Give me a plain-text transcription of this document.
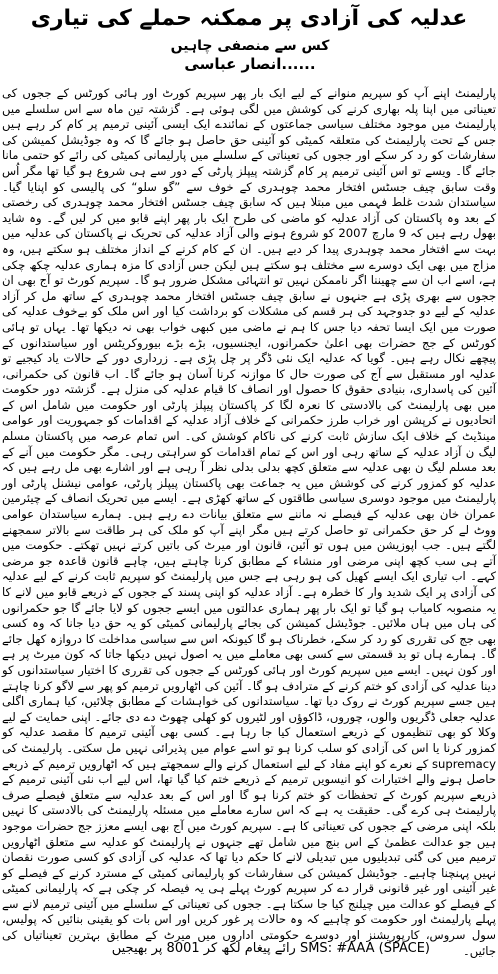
عدلیہ کی آزادی پر ممکنہ حملے کی تیاری
کس سے منصفی چاہیں
......انصار عباسی

پارلیمنٹ اپنے آپ کو سپریم منوانے کے لیے ایک بار پھر سپریم کورٹ اور ہائی کورٹس کے ججوں کی تعیناتی میں اپنا پلہ بھاری کرنے کی کوشش میں لگی ہوئی ہے۔ گزشتہ تین ماہ سے اس سلسلے میں پارلیمنٹ میں موجود مختلف سیاسی جماعتوں کے نمائندے ایک ایسی آئینی ترمیم پر کام کر رہے ہیں جس کے تحت پارلیمنٹ کی متعلقہ کمیٹی کو آئینی حق حاصل ہو جائے گا کہ وہ جوڈیشل کمیشن کی سفارشات کو رد کر سکے اور ججوں کی تعیناتی کے سلسلے میں پارلیمانی کمیٹی کی رائے کو حتمی مانا جائے گا۔ ویسے تو اس آئینی ترمیم پر کام گزشتہ پیپلز پارٹی کے دور سے ہی شروع ہو گیا تھا مگر اُس وقت سابق چیف جسٹس افتخار محمد چوہدری کے خوف سے ”گو سلو“ کی پالیسی کو اپنایا گیا۔ سیاستدان شدت غلط فہمی میں مبتلا ہیں کہ سابق چیف جسٹس افتخار محمد چوہدری کی رخصتی کے بعد وہ پاکستان کی آزاد عدلیہ کو ماضی کی طرح ایک بار پھر اپنے قابو میں کر لیں گے۔ وہ شاید بھول رہے ہیں کہ 9 مارچ 2007 کو شروع ہونے والی آزاد عدلیہ کی تحریک نے پاکستان کی عدلیہ میں بہت سے افتخار محمد چوہدری پیدا کر دیے ہیں۔ ان کے کام کرنے کے انداز مختلف ہو سکتے ہیں، وہ مزاج میں بھی ایک دوسرے سے مختلف ہو سکتے ہیں لیکن جس آزادی کا مزہ ہماری عدلیہ چکھ چکی ہے، اسے اب ان سے چھیننا اگر ناممکن نہیں تو انتہائی مشکل ضرور ہو گا۔ سپریم کورٹ تو آج بھی ان ججوں سے بھری پڑی ہے جنہوں نے سابق چیف جسٹس افتخار محمد چوہدری کے ساتھ مل کر آزاد عدلیہ کے لیے دو جدوجہد کی ہر قسم کی مشکلات کو برداشت کیا اور اس ملک کو بےخوف عدلیہ کی صورت میں ایک ایسا تحفہ دیا جس کا ہم نے ماضی میں کبھی خواب بھی نہ دیکھا تھا۔ یہاں تو ہائی کورٹس کے جج حضرات بھی اعلیٰ حکمرانوں، ایجنسیوں، بڑے بڑے بیوروکریٹس اور سیاستدانوں کے پیچھے نکال رہے ہیں۔ گویا کہ عدلیہ ایک نئی ڈگر پر چل پڑی ہے۔ زرداری دور کے حالات یاد کیجیے تو عدلیہ اور مستقبل سے آج کی صورت حال کا موازنہ کرنا آسان ہو جائے گا۔ اب قانون کی حکمرانی، آئین کی پاسداری، بنیادی حقوق کا حصول اور انصاف کا قیام عدلیہ کی منزل ہے۔ گزشتہ دور حکومت میں بھی پارلیمنٹ کی بالادستی کا نعرہ لگا کر پاکستان پیپلز پارٹی اور حکومت میں شامل اس کے اتحادیوں نے کرپشن اور خراب طرز حکمرانی کے خلاف آزاد عدلیہ کے اقدامات کو جمہوریت اور عوامی مینڈیٹ کے خلاف ایک سازش ثابت کرنے کی ناکام کوشش کی۔ اس تمام عرصہ میں پاکستان مسلم لیگ ن آزاد عدلیہ کے ساتھ رہی اور اس کے تمام اقدامات کو سراہتی رہی۔ مگر حکومت میں آنے کے بعد مسلم لیگ ن بھی عدلیہ سے متعلق کچھ بدلی بدلی نظر آ رہی ہے اور اشارے بھی مل رہے ہیں کہ عدلیہ کو کمزور کرنے کی کوشش میں یہ جماعت بھی پاکستان پیپلز پارٹی، عوامی نیشنل پارٹی اور پارلیمنٹ میں موجود دوسری سیاسی طاقتوں کے ساتھ کھڑی ہے۔ ایسے میں تحریک انصاف کے چیئرمین عمران خان بھی عدلیہ کے فیصلے نہ ماننے سے متعلق بیانات دے رہے ہیں۔ ہمارے سیاستدان عوامی ووٹ لے کر حق حکمرانی تو حاصل کرتے ہیں مگر اپنے آپ کو ملک کی ہر طاقت سے بالاتر سمجھنے لگتے ہیں۔ جب اپوزیشن میں ہوں تو آئین، قانون اور میرٹ کی باتیں کرتے نہیں تھکتے۔ حکومت میں آتے ہی سب کچھ اپنی مرضی اور منشاء کے مطابق کرنا چاہتے ہیں، چاہے قانون قاعدہ جو مرضی کہے۔ اب تیاری ایک ایسے کھیل کی ہو رہی ہے جس میں پارلیمنٹ کو سپریم ثابت کرنے کے لیے عدلیہ کی آزادی پر ایک شدید وار کا خطرہ ہے۔ آزاد عدلیہ کو اپنی پسند کے ججوں کے ذریعے قابو میں لانے کا یہ منصوبہ کامیاب ہو گیا تو ایک بار پھر ہماری عدالتوں میں ایسے ججوں کو لایا جائے گا جو حکمرانوں کی ہاں میں ہاں ملائیں۔ جوڈیشل کمیشن کی بجائے پارلیمانی کمیٹی کو یہ حق دیا جانا کہ وہ کسی بھی جج کی تقرری کو رد کر سکے، خطرناک ہو گا کیونکہ اس سے سیاسی مداخلت کا دروازہ کھل جائے گا۔ ہمارے ہاں تو بد قسمتی سے کسی بھی معاملے میں یہ اصول نہیں دیکھا جاتا کہ کون میرٹ پر ہے اور کون نہیں۔ ایسے میں سپریم کورٹ اور ہائی کورٹس کے ججوں کی تقرری کا اختیار سیاستدانوں کو دینا عدلیہ کی آزادی کو ختم کرنے کے مترادف ہو گا۔ آئین کی اٹھارویں ترمیم کو پھر سے لاگو کرنا چاہتے ہیں جسے سپریم کورٹ نے روک دیا تھا۔ سیاستدانوں کی خواہشات کے مطابق چلائیں، کیا ہماری اگلی عدلیہ جعلی ڈگریوں والوں، چوروں، ڈاکوؤں اور لٹیروں کو کھلی چھوٹ دے دی جائے۔ اپنی حمایت کے لیے وکلا کو بھی تنظیموں کے ذریعے استعمال کیا جا رہا ہے۔ کسی بھی آئینی ترمیم کا مقصد عدلیہ کو کمزور کرنا یا اس کی آزادی کو سلب کرنا ہو تو اسے عوام میں پذیرائی نہیں مل سکتی۔ پارلیمنٹ کی supremacy کے نعرے کو اپنے مفاد کے لیے استعمال کرنے والے سمجھتے ہیں کہ اٹھارویں ترمیم کے ذریعے حاصل ہونے والے اختیارات کو انیسویں ترمیم کے ذریعے ختم کیا گیا تھا، اس لیے اب نئی آئینی ترمیم کے ذریعے سپریم کورٹ کے تحفظات کو ختم کرنا ہو گا اور اس کے بعد عدلیہ سے متعلق فیصلے صرف پارلیمنٹ ہی کرے گی۔ حقیقت یہ ہے کہ اس سارے معاملے میں مسئلہ پارلیمنٹ کی بالادستی کا نہیں بلکہ اپنی مرضی کے ججوں کی تعیناتی کا ہے۔ سپریم کورٹ میں آج بھی ایسے معزز جج حضرات موجود ہیں جو عدالت عظمیٰ کے اس بنچ میں شامل تھے جنہوں نے پارلیمنٹ کو عدلیہ سے متعلق اٹھارویں ترمیم میں کی گئی تبدیلیوں میں تبدیلی لانے کا حکم دیا تھا کہ عدلیہ کی آزادی کو کسی صورت نقصان نہیں پہنچنا چاہیے۔ جوڈیشل کمیشن کی سفارشات کو پارلیمانی کمیٹی کے مسترد کرنے کے فیصلے کو غیر آئینی اور غیر قانونی قرار دے کر سپریم کورٹ پہلے ہی یہ فیصلہ کر چکی ہے کہ پارلیمانی کمیٹی کے فیصلے کو عدالت میں چیلنج کیا جا سکتا ہے۔ ججوں کی تعیناتی کے سلسلے میں آئینی ترمیم لانے سے پہلے پارلیمنٹ اور حکومت کو چاہیے کہ وہ حالات پر غور کریں اور اس بات کو یقینی بنائیں کہ پولیس، سول سروس، کارپوریشنز اور دوسرے حکومتی اداروں میں میرٹ کے مطابق بہترین تعیناتیاں کی جائیں۔

SMS: #AAA (SPACE) رائے پیغام لکھ کر 8001 پر بھیجیں
